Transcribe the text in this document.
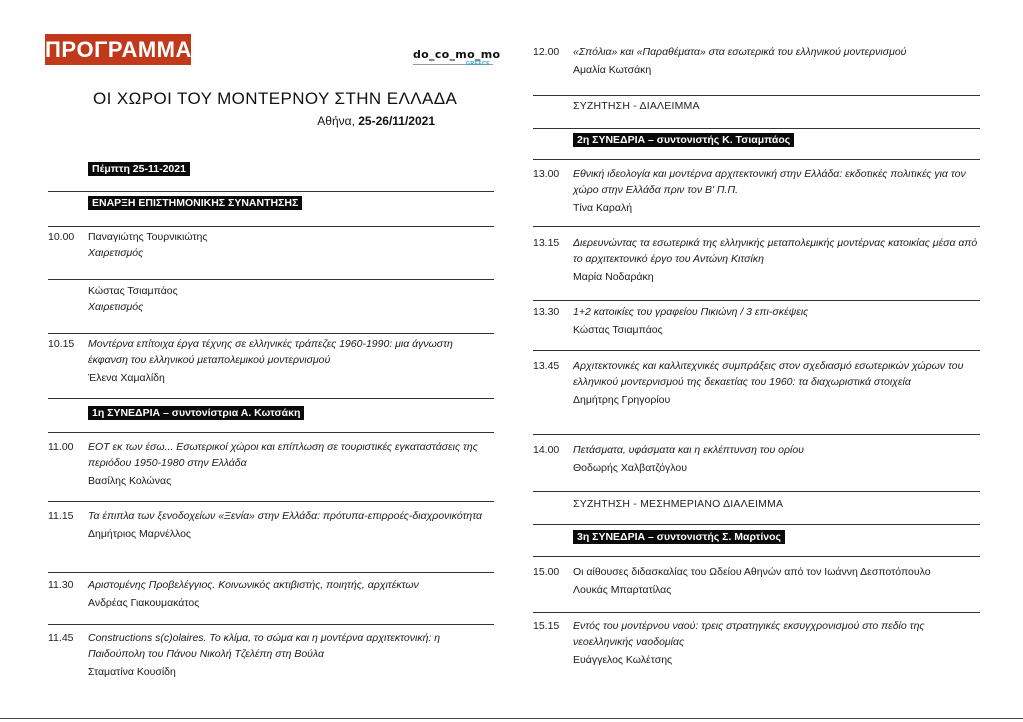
ΠΡΟΓΡΑΜΜΑ	do_co_mo_mo
GREECE
ΟΙ ΧΩΡΟΙ ΤΟΥ ΜΟΝΤΕΡΝΟΥ ΣΤΗΝ ΕΛΛΑΔΑ
Αθήνα, 25-26/11/2021
Πέμπτη 25-11-2021
ΕΝΑΡΞΗ ΕΠΙΣΤΗΜΟΝΙΚΗΣ ΣΥΝΑΝΤΗΣΗΣ
10.00	Παναγιώτης Τουρνικιώτης
Χαιρετισμός
Κώστας Τσιαμπάος
Χαιρετισμός
10.15	Μοντέρνα επίτοιχα έργα τέχνης σε ελληνικές τράπεζες 1960-1990: μια άγνωστη έκφανση του ελληνικού μεταπολεμικού μοντερνισμού
Έλενα Χαμαλίδη
1η ΣΥΝΕΔΡΙΑ – συντονίστρια Α. Κωτσάκη
11.00	ΕΟΤ εκ των έσω... Εσωτερικοί χώροι και επίπλωση σε τουριστικές εγκαταστάσεις της περιόδου 1950-1980 στην Ελλάδα
Βασίλης Κολώνας
11.15	Τα έπιπλα των ξενοδοχείων «Ξενία» στην Ελλάδα: πρότυπα-επιρροές-διαχρονικότητα
Δημήτριος Μαρνέλλος
11.30	Αριστομένης Προβελέγγιος. Κοινωνικός ακτιβιστής, ποιητής, αρχιτέκτων
Ανδρέας Γιακουμακάτος
11.45	Constructions s(c)olaires. Το κλίμα, το σώμα και η μοντέρνα αρχιτεκτονική: η Παιδούπολη του Πάνου Νικολή Τζελέπη στη Βούλα
Σταματίνα Κουσίδη
12.00	«Σπόλια» και «Παραθέματα» στα εσωτερικά του ελληνικού μοντερνισμού
Αμαλία Κωτσάκη
ΣΥΖΗΤΗΣΗ - ΔΙΑΛΕΙΜΜΑ
2η ΣΥΝΕΔΡΙΑ – συντονιστής Κ. Τσιαμπάος
13.00	Εθνική ιδεολογία και μοντέρνα αρχιτεκτονική στην Ελλάδα: εκδοτικές πολιτικές για τον χώρο στην Ελλάδα πριν τον Β' Π.Π.
Τίνα Καραλή
13.15	Διερευνώντας τα εσωτερικά της ελληνικής μεταπολεμικής μοντέρνας κατοικίας μέσα από το αρχιτεκτονικό έργο του Αντώνη Κιτσίκη
Μαρία Νοδαράκη
13.30	1+2 κατοικίες του γραφείου Πικιώνη / 3 επι-σκέψεις
Κώστας Τσιαμπάος
13.45	Αρχιτεκτονικές και καλλιτεχνικές συμπράξεις στον σχεδιασμό εσωτερικών χώρων του ελληνικού μοντερνισμού της δεκαετίας του 1960: τα διαχωριστικά στοιχεία
Δημήτρης Γρηγορίου
14.00	Πετάσματα, υφάσματα και η εκλέπτυνση του ορίου
Θοδωρής Χαλβατζόγλου
ΣΥΖΗΤΗΣΗ - ΜΕΣΗΜΕΡΙΑΝΟ ΔΙΑΛΕΙΜΜΑ
3η ΣΥΝΕΔΡΙΑ – συντονιστής Σ. Μαρτίνος
15.00	Οι αίθουσες διδασκαλίας του Ωδείου Αθηνών από τον Ιωάννη Δεσποτόπουλο
Λουκάς Μπαρτατίλας
15.15	Εντός του μοντέρνου ναού: τρεις στρατηγικές εκσυγχρονισμού στο πεδίο της νεοελληνικής ναοδομίας
Ευάγγελος Κωλέτσης
